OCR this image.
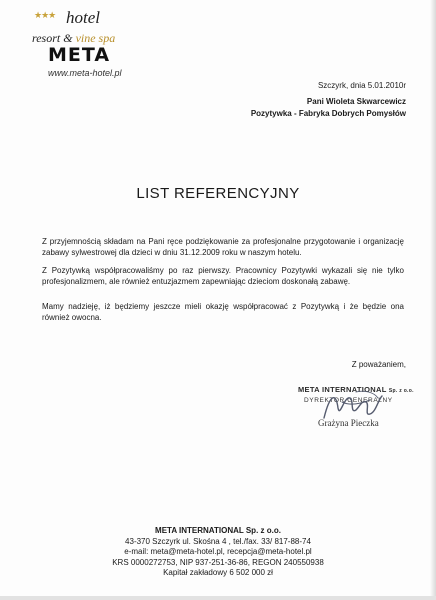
★★★ hotel
resort & vine spa
META
www.meta-hotel.pl
Szczyrk, dnia 5.01.2010r
Pani Wioleta Skwarcewicz
Pozytywka - Fabryka Dobrych Pomysłów
LIST REFERENCYJNY
Z przyjemnością składam na Pani ręce podziękowanie za profesjonalne przygotowanie i organizację zabawy sylwestrowej dla dzieci w dniu 31.12.2009 roku w naszym hotelu.
Z Pozytywką współpracowaliśmy po raz pierwszy. Pracownicy Pozytywki wykazali się nie tylko profesjonalizmem, ale również entuzjazmem zapewniając dzieciom doskonałą zabawę.
Mamy nadzieję, iż będziemy jeszcze mieli okazję współpracować z Pozytywką i że będzie ona również owocna.
Z poważaniem,
META INTERNATIONAL Sp. z o.o.
DYREKTOR GENERALNY
Grażyna Pieczka
META INTERNATIONAL Sp. z o.o.
43-370 Szczyrk ul. Skośna 4 , tel./fax. 33/ 817-88-74
e-mail: meta@meta-hotel.pl, recepcja@meta-hotel.pl
KRS 0000272753, NIP 937-251-36-86, REGON 240550938
Kapitał zakładowy 6 502 000 zł
